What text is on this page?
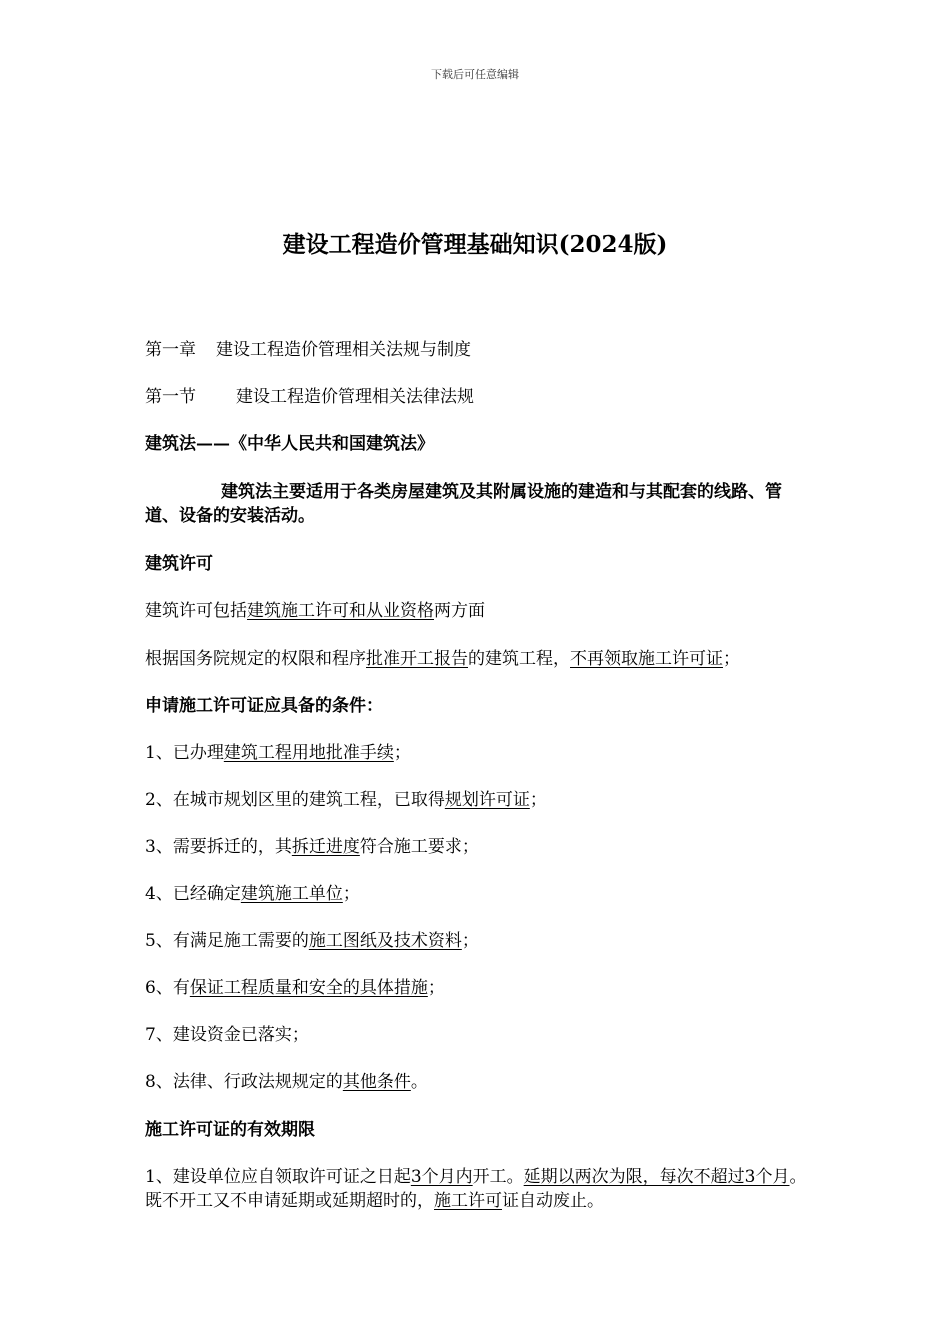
下载后可任意编辑
建设工程造价管理基础知识(2024版)
第一章 建设工程造价管理相关法规与制度
第一节 建设工程造价管理相关法律法规
建筑法——《中华人民共和国建筑法》
建筑法主要适用于各类房屋建筑及其附属设施的建造和与其配套的线路、管道、设备的安装活动。
建筑许可
建筑许可包括建筑施工许可和从业资格两方面
根据国务院规定的权限和程序批准开工报告的建筑工程，不再领取施工许可证；
申请施工许可证应具备的条件：
1、已办理建筑工程用地批准手续；
2、在城市规划区里的建筑工程，已取得规划许可证；
3、需要拆迁的，其拆迁进度符合施工要求；
4、已经确定建筑施工单位；
5、有满足施工需要的施工图纸及技术资料；
6、有保证工程质量和安全的具体措施；
7、建设资金已落实；
8、法律、行政法规规定的其他条件。
施工许可证的有效期限
1、建设单位应自领取许可证之日起3个月内开工。延期以两次为限，每次不超过3个月。既不开工又不申请延期或延期超时的，施工许可证自动废止。
